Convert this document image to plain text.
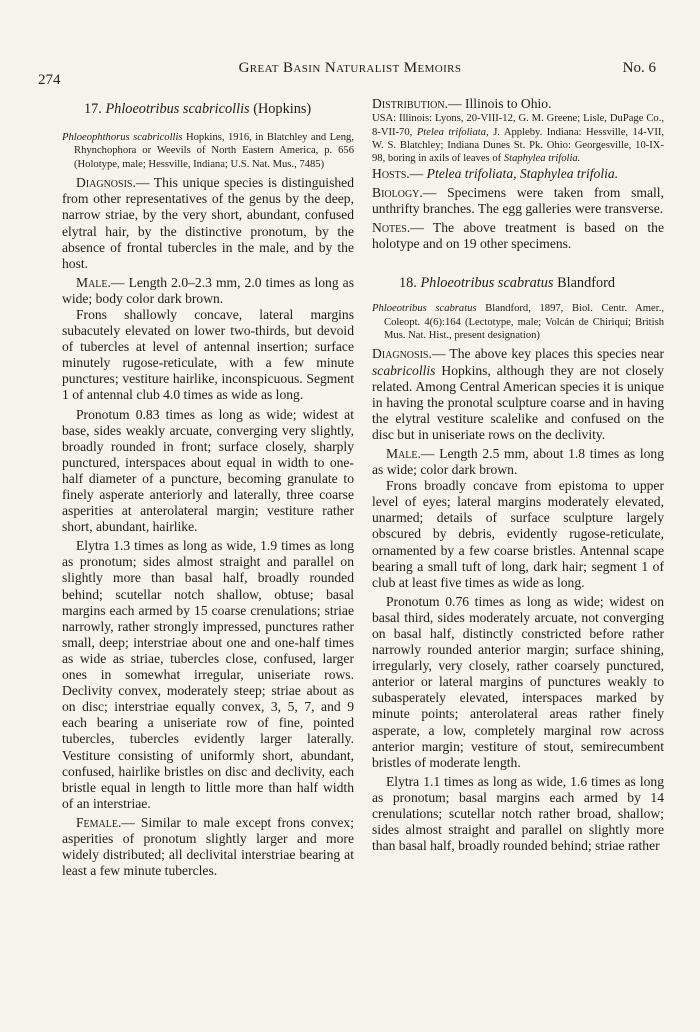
274
Great Basin Naturalist Memoirs	No. 6
17. Phloeotribus scabricollis (Hopkins)

Phloeophthorus scabricollis Hopkins, 1916, in Blatchley and Leng, Rhynchophora or Weevils of North Eastern America, p. 656 (Holotype, male; Hessville, Indiana; U.S. Nat. Mus., 7485)

Diagnosis.— This unique species is distinguished from other representatives of the genus by the deep, narrow striae, by the very short, abundant, confused elytral hair, by the distinctive pronotum, by the absence of frontal tubercles in the male, and by the host.

Male.— Length 2.0–2.3 mm, 2.0 times as long as wide; body color dark brown.

Frons shallowly concave, lateral margins subacutely elevated on lower two-thirds, but devoid of tubercles at level of antennal insertion; surface minutely rugose-reticulate, with a few minute punctures; vestiture hairlike, inconspicuous. Segment 1 of antennal club 4.0 times as wide as long.

Pronotum 0.83 times as long as wide; widest at base, sides weakly arcuate, converging very slightly, broadly rounded in front; surface closely, sharply punctured, interspaces about equal in width to one-half diameter of a puncture, becoming granulate to finely asperate anteriorly and laterally, three coarse asperities at anterolateral margin; vestiture rather short, abundant, hairlike.

Elytra 1.3 times as long as wide, 1.9 times as long as pronotum; sides almost straight and parallel on slightly more than basal half, broadly rounded behind; scutellar notch shallow, obtuse; basal margins each armed by 15 coarse crenulations; striae narrowly, rather strongly impressed, punctures rather small, deep; interstriae about one and one-half times as wide as striae, tubercles close, confused, larger ones in somewhat irregular, uniseriate rows. Declivity convex, moderately steep; striae about as on disc; interstriae equally convex, 3, 5, 7, and 9 each bearing a uniseriate row of fine, pointed tubercles, tubercles evidently larger laterally. Vestiture consisting of uniformly short, abundant, confused, hairlike bristles on disc and declivity, each bristle equal in length to little more than half width of an interstriae.

Female.— Similar to male except frons convex; asperities of pronotum slightly larger and more widely distributed; all declivital interstriae bearing at least a few minute tubercles.

Distribution.— Illinois to Ohio.

USA: Illinois: Lyons, 20-VIII-12, G. M. Greene; Lisle, DuPage Co., 8-VII-70, Ptelea trifoliata, J. Appleby. Indiana: Hessville, 14-VII, W. S. Blatchley; Indiana Dunes St. Pk. Ohio: Georgesville, 10-IX-98, boring in axils of leaves of Staphylea trifolia.

Hosts.— Ptelea trifoliata, Staphylea trifolia.

Biology.— Specimens were taken from small, unthrifty branches. The egg galleries were transverse.

Notes.— The above treatment is based on the holotype and on 19 other specimens.

18. Phloeotribus scabratus Blandford

Phloeotribus scabratus Blandford, 1897, Biol. Centr. Amer., Coleopt. 4(6):164 (Lectotype, male; Volcán de Chiriquí; British Mus. Nat. Hist., present designation)

Diagnosis.— The above key places this species near scabricollis Hopkins, although they are not closely related. Among Central American species it is unique in having the pronotal sculpture coarse and in having the elytral vestiture scalelike and confused on the disc but in uniseriate rows on the declivity.

Male.— Length 2.5 mm, about 1.8 times as long as wide; color dark brown.

Frons broadly concave from epistoma to upper level of eyes; lateral margins moderately elevated, unarmed; details of surface sculpture largely obscured by debris, evidently rugose-reticulate, ornamented by a few coarse bristles. Antennal scape bearing a small tuft of long, dark hair; segment 1 of club at least five times as wide as long.

Pronotum 0.76 times as long as wide; widest on basal third, sides moderately arcuate, not converging on basal half, distinctly constricted before rather narrowly rounded anterior margin; surface shining, irregularly, very closely, rather coarsely punctured, anterior or lateral margins of punctures weakly to subasperately elevated, interspaces marked by minute points; anterolateral areas rather finely asperate, a low, completely marginal row across anterior margin; vestiture of stout, semirecumbent bristles of moderate length.

Elytra 1.1 times as long as wide, 1.6 times as long as pronotum; basal margins each armed by 14 crenulations; scutellar notch rather broad, shallow; sides almost straight and parallel on slightly more than basal half, broadly rounded behind; striae rather
